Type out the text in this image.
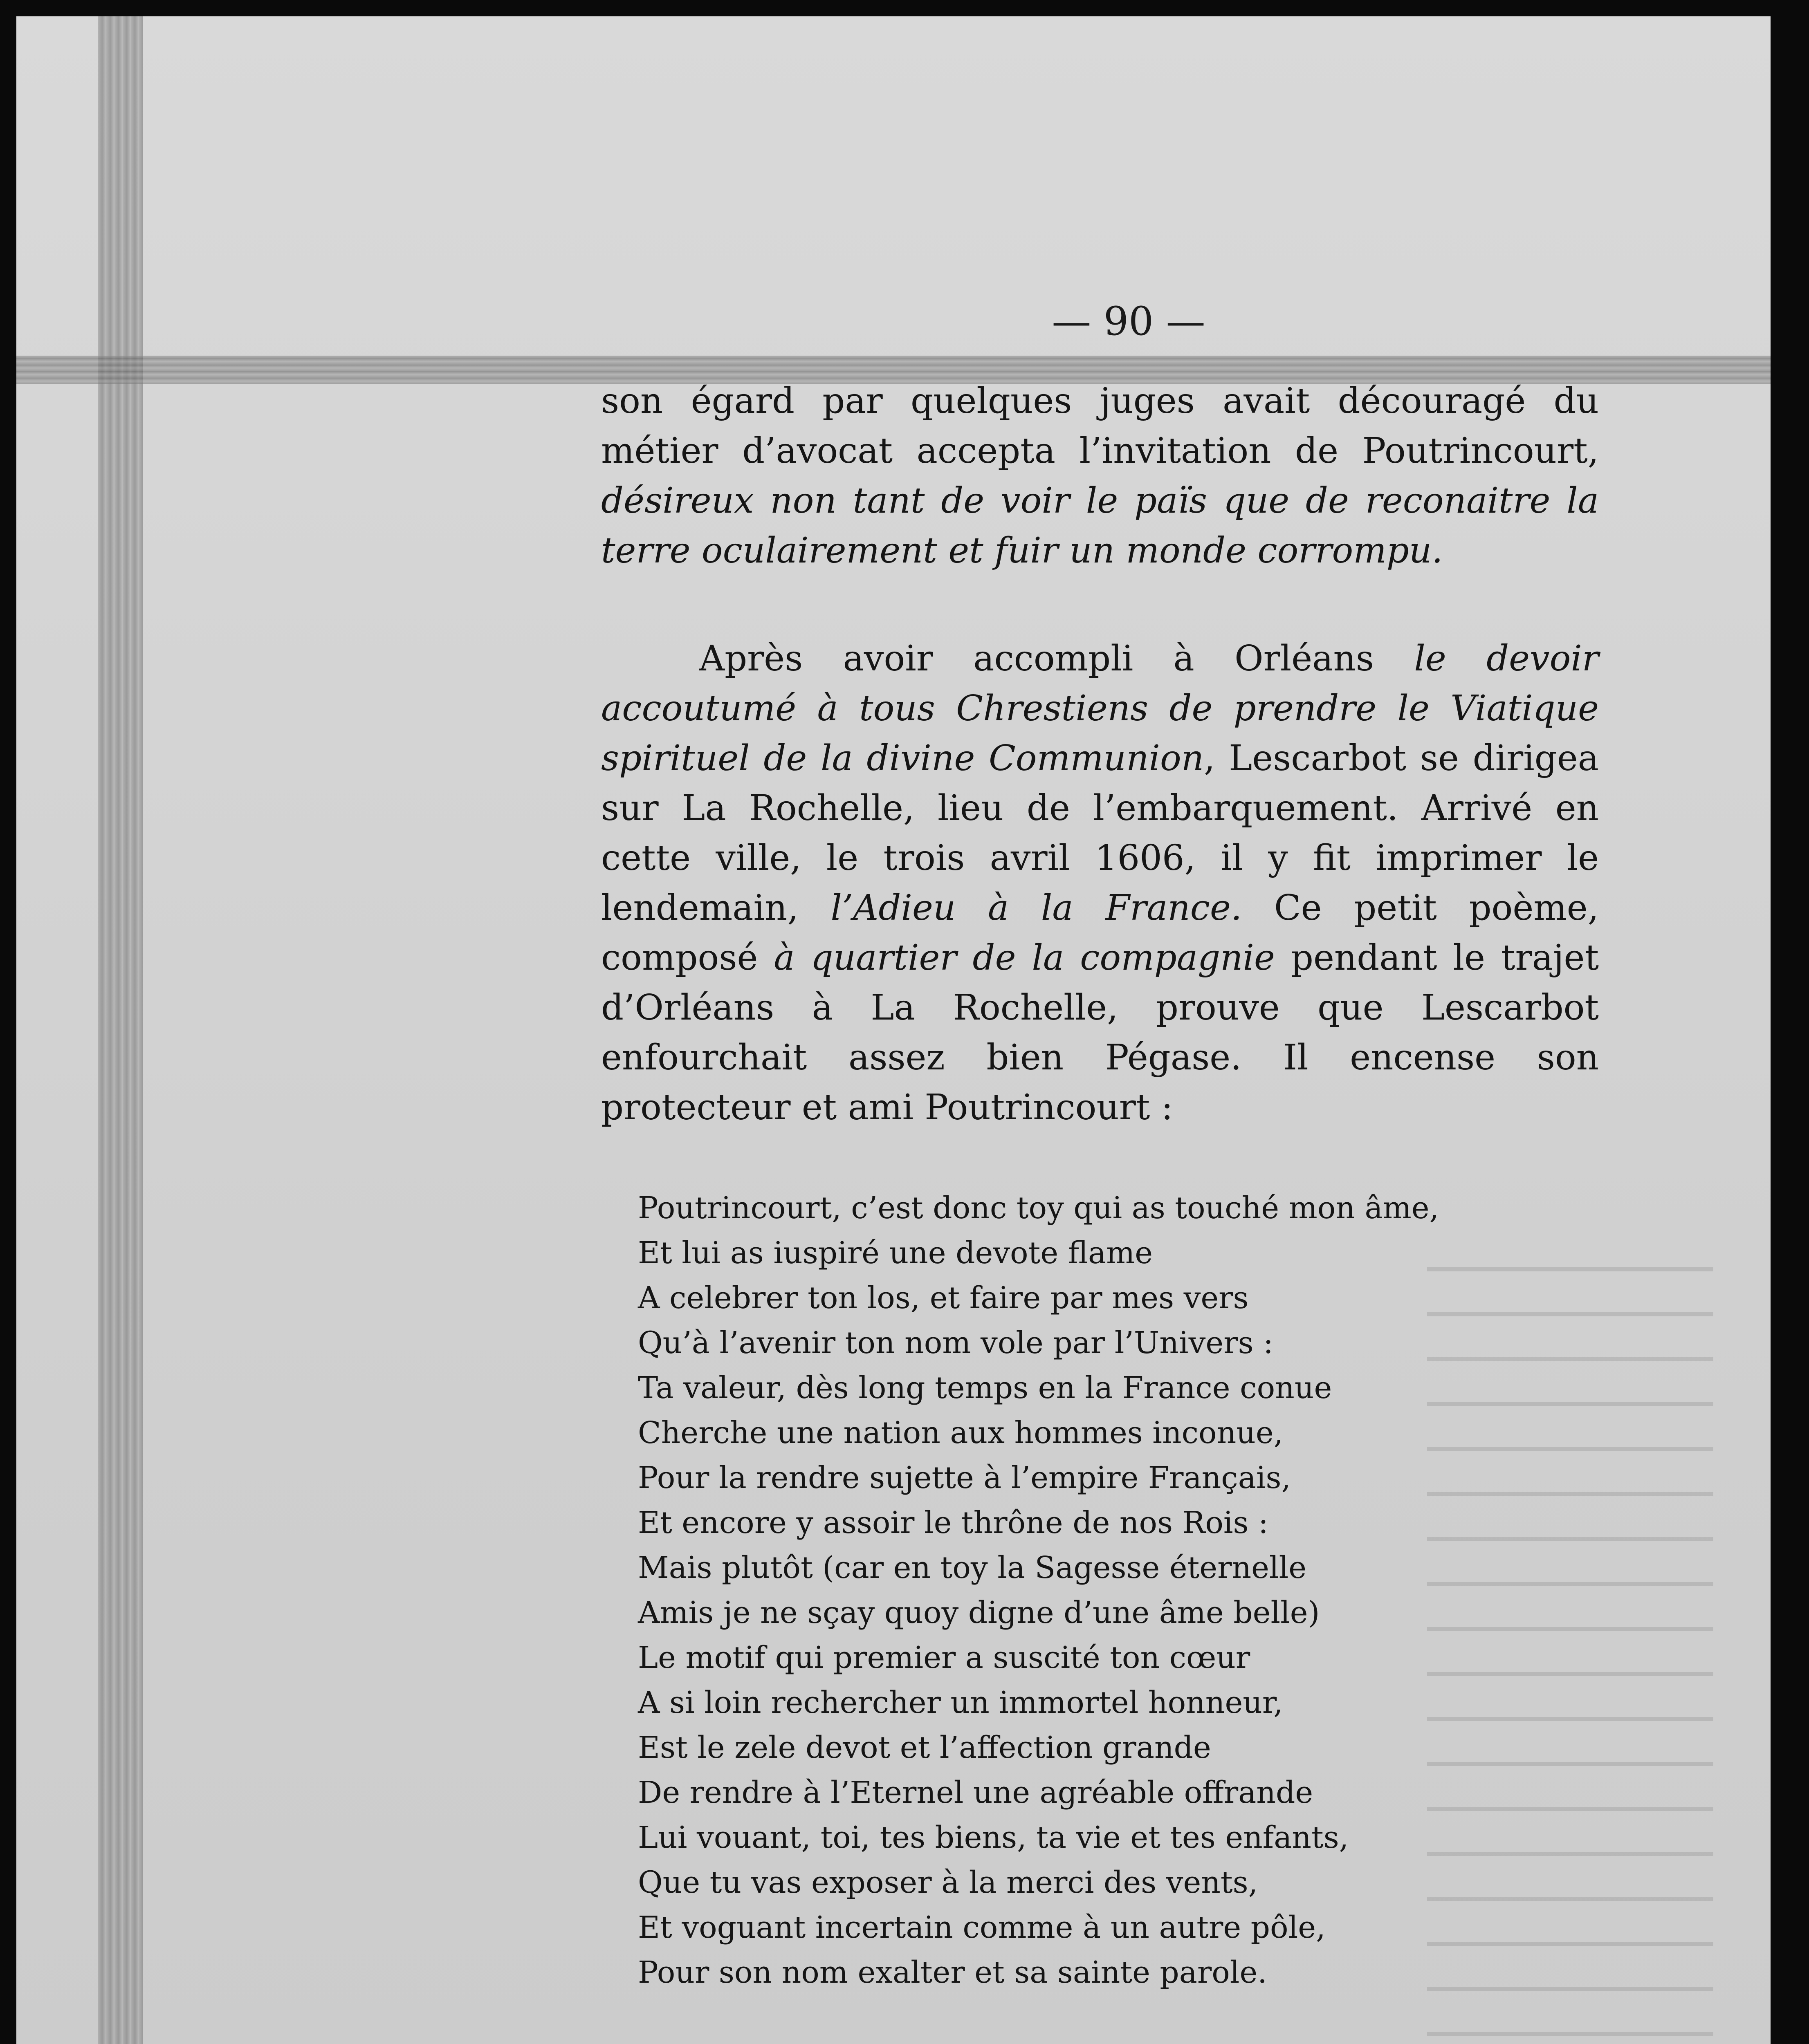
— 90 —

son égard par quelques juges avait découragé du métier d’avocat accepta l’invitation de Poutrincourt, désireux non tant de voir le païs que de reconaitre la terre oculairement et fuir un monde corrompu.

Après avoir accompli à Orléans le devoir accoutumé à tous Chrestiens de prendre le Viatique spirituel de la divine Communion, Lescarbot se dirigea sur La Rochelle, lieu de l’embarquement. Arrivé en cette ville, le trois avril 1606, il y fit imprimer le lendemain, l’Adieu à la France. Ce petit poème, composé à quartier de la compagnie pendant le trajet d’Orléans à La Rochelle, prouve que Lescarbot enfourchait assez bien Pégase. Il encense son protecteur et ami Poutrincourt :

Poutrincourt, c’est donc toy qui as touché mon âme,
Et lui as iuspiré une devote flame
A celebrer ton los, et faire par mes vers
Qu’à l’avenir ton nom vole par l’Univers :
Ta valeur, dès long temps en la France conue
Cherche une nation aux hommes inconue,
Pour la rendre sujette à l’empire Français,
Et encore y assoir le thrône de nos Rois :
Mais plutôt (car en toy la Sagesse éternelle
Amis je ne sçay quoy digne d’une âme belle)
Le motif qui premier a suscité ton cœur
A si loin rechercher un immortel honneur,
Est le zele devot et l’affection grande
De rendre à l’Eternel une agréable offrande
Lui vouant, toi, tes biens, ta vie et tes enfants,
Que tu vas exposer à la merci des vents,
Et voguant incertain comme à un autre pôle,
Pour son nom exalter et sa sainte parole.
